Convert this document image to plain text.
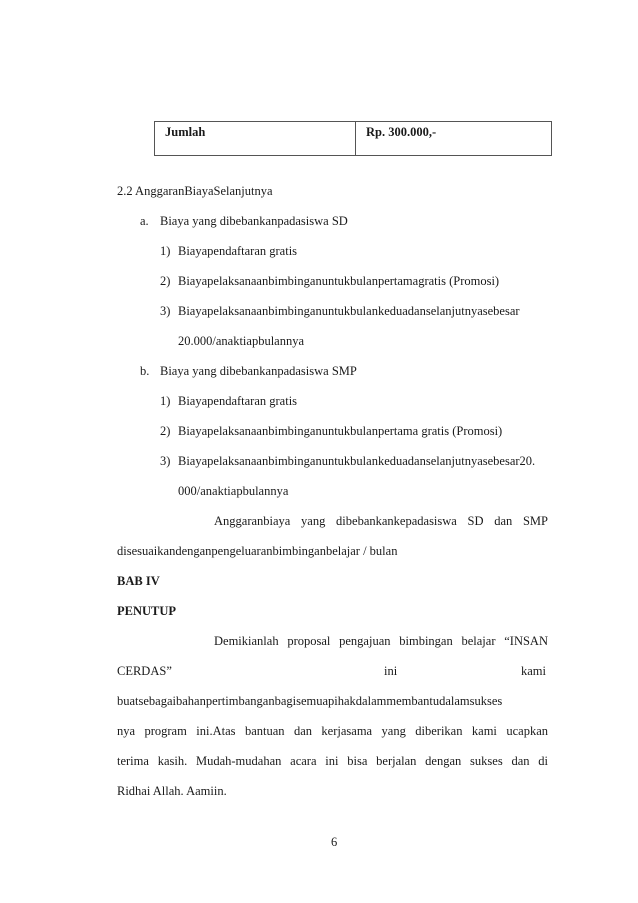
Jumlah	Rp. 300.000,-
2.2 AnggaranBiayaSelanjutnya
a. Biaya yang dibebankanpadasiswa SD
1) Biayapendaftaran gratis
2) Biayapelaksanaanbimbinganuntukbulanpertamagratis (Promosi)
3) Biayapelaksanaanbimbinganuntukbulankeduadanselanjutnyasebesar
20.000/anaktiapbulannya
b. Biaya yang dibebankanpadasiswa SMP
1) Biayapendaftaran gratis
2) Biayapelaksanaanbimbinganuntukbulanpertama gratis (Promosi)
3) Biayapelaksanaanbimbinganuntukbulankeduadanselanjutnyasebesar20.
000/anaktiapbulannya
Anggaranbiaya yang dibebankankepadasiswa SD dan SMP
disesuaikandenganpengeluaranbimbinganbelajar / bulan
BAB IV
PENUTUP
Demikianlah proposal pengajuan bimbingan belajar “INSAN
CERDAS”	ini	kami
buatsebagaibahanpertimbanganbagisemuapihakdalammembantudalamsukses
nya program ini.Atas bantuan dan kerjasama yang diberikan kami ucapkan
terima kasih. Mudah-mudahan acara ini bisa berjalan dengan sukses dan di
Ridhai Allah. Aamiin.
6
